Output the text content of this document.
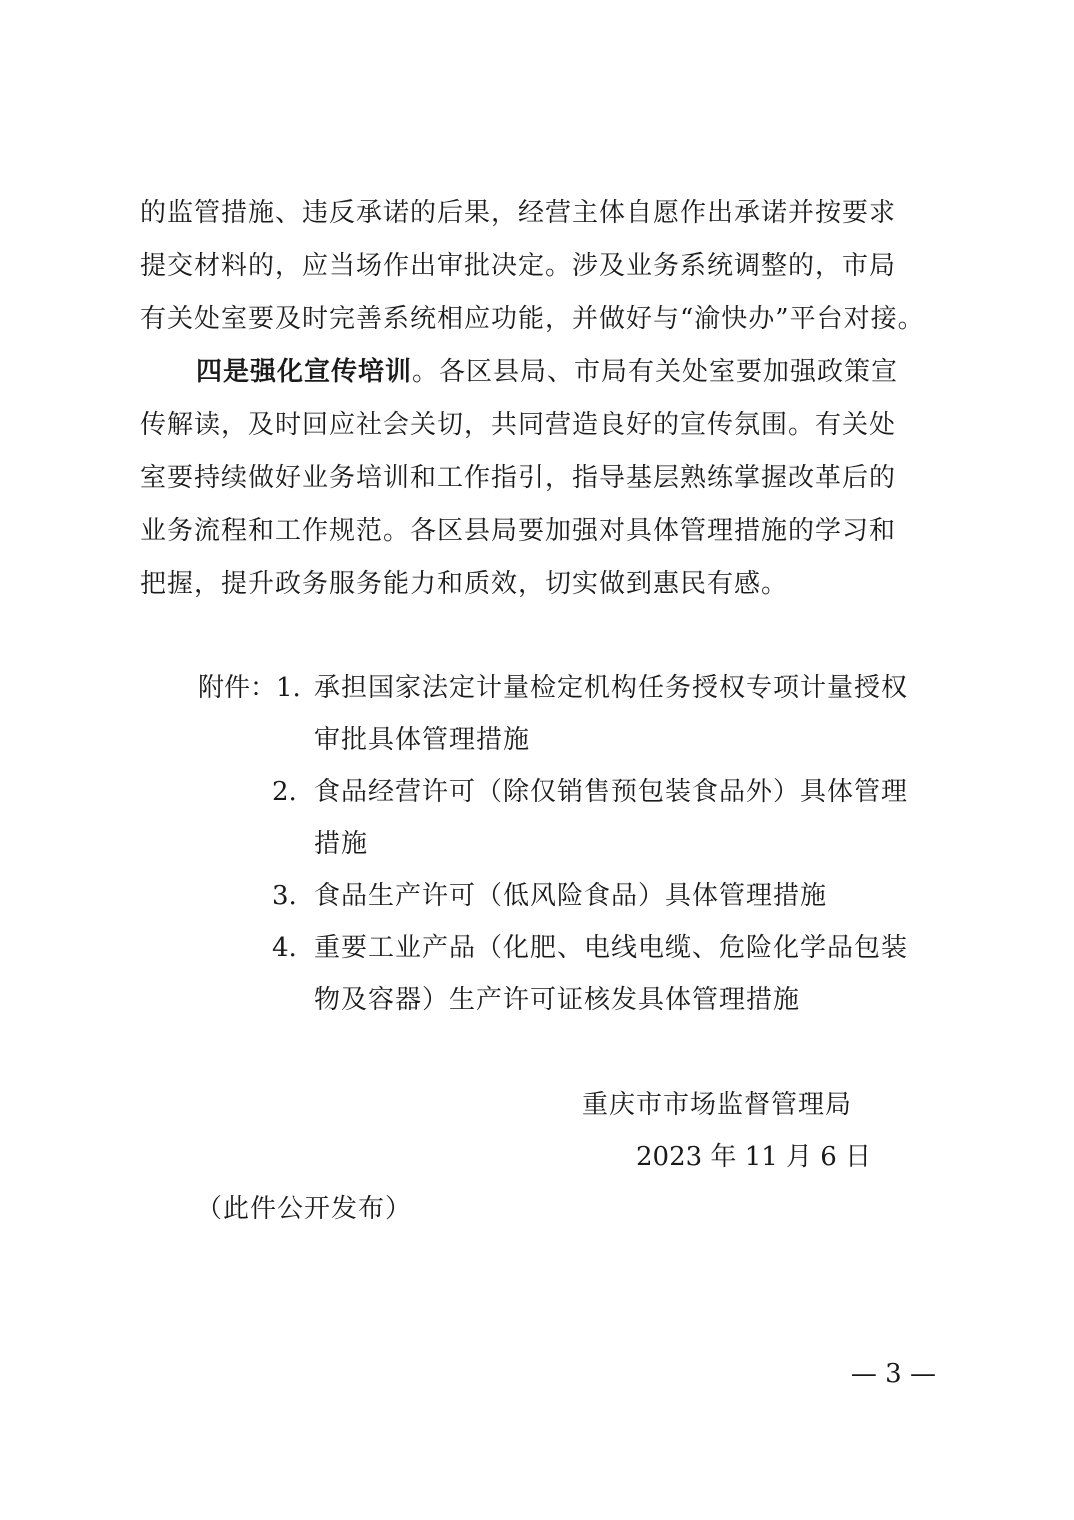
的监管措施、违反承诺的后果，经营主体自愿作出承诺并按要求
提交材料的，应当场作出审批决定。涉及业务系统调整的，市局
有关处室要及时完善系统相应功能，并做好与“渝快办”平台对接。
四是强化宣传培训。各区县局、市局有关处室要加强政策宣
传解读，及时回应社会关切，共同营造良好的宣传氛围。有关处
室要持续做好业务培训和工作指引，指导基层熟练掌握改革后的
业务流程和工作规范。各区县局要加强对具体管理措施的学习和
把握，提升政务服务能力和质效，切实做到惠民有感。
附件： 1. 承担国家法定计量检定机构任务授权专项计量授权
审批具体管理措施
2. 食品经营许可（除仅销售预包装食品外）具体管理
措施
3. 食品生产许可（低风险食品）具体管理措施
4. 重要工业产品（化肥、电线电缆、危险化学品包装
物及容器）生产许可证核发具体管理措施
重庆市市场监督管理局
2023 年 11 月 6 日
（此件公开发布）
— 3 —
